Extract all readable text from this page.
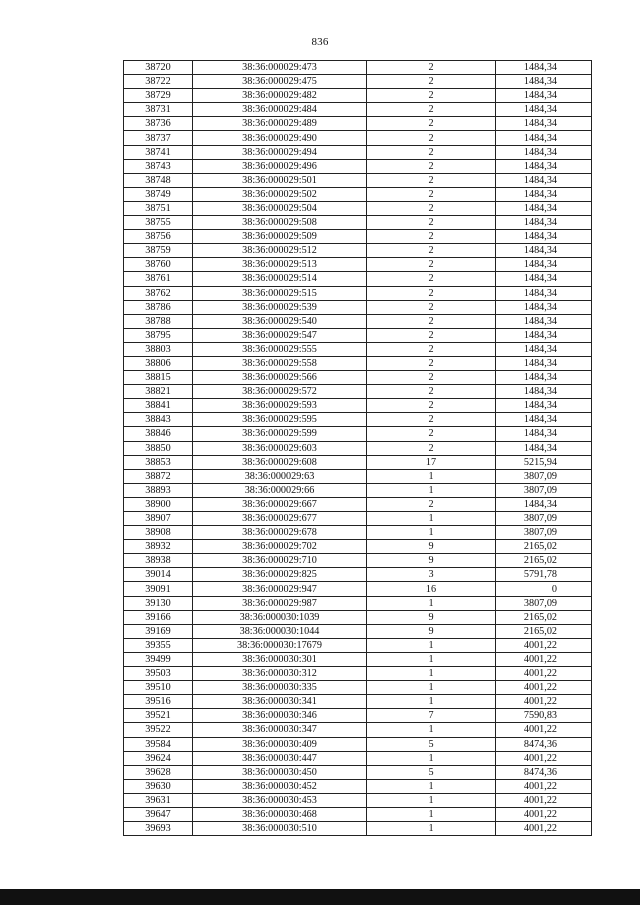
836
38720	38:36:000029:473	2	1484,34
38722	38:36:000029:475	2	1484,34
38729	38:36:000029:482	2	1484,34
38731	38:36:000029:484	2	1484,34
38736	38:36:000029:489	2	1484,34
38737	38:36:000029:490	2	1484,34
38741	38:36:000029:494	2	1484,34
38743	38:36:000029:496	2	1484,34
38748	38:36:000029:501	2	1484,34
38749	38:36:000029:502	2	1484,34
38751	38:36:000029:504	2	1484,34
38755	38:36:000029:508	2	1484,34
38756	38:36:000029:509	2	1484,34
38759	38:36:000029:512	2	1484,34
38760	38:36:000029:513	2	1484,34
38761	38:36:000029:514	2	1484,34
38762	38:36:000029:515	2	1484,34
38786	38:36:000029:539	2	1484,34
38788	38:36:000029:540	2	1484,34
38795	38:36:000029:547	2	1484,34
38803	38:36:000029:555	2	1484,34
38806	38:36:000029:558	2	1484,34
38815	38:36:000029:566	2	1484,34
38821	38:36:000029:572	2	1484,34
38841	38:36:000029:593	2	1484,34
38843	38:36:000029:595	2	1484,34
38846	38:36:000029:599	2	1484,34
38850	38:36:000029:603	2	1484,34
38853	38:36:000029:608	17	5215,94
38872	38:36:000029:63	1	3807,09
38893	38:36:000029:66	1	3807,09
38900	38:36:000029:667	2	1484,34
38907	38:36:000029:677	1	3807,09
38908	38:36:000029:678	1	3807,09
38932	38:36:000029:702	9	2165,02
38938	38:36:000029:710	9	2165,02
39014	38:36:000029:825	3	5791,78
39091	38:36:000029:947	16	0
39130	38:36:000029:987	1	3807,09
39166	38:36:000030:1039	9	2165,02
39169	38:36:000030:1044	9	2165,02
39355	38:36:000030:17679	1	4001,22
39499	38:36:000030:301	1	4001,22
39503	38:36:000030:312	1	4001,22
39510	38:36:000030:335	1	4001,22
39516	38:36:000030:341	1	4001,22
39521	38:36:000030:346	7	7590,83
39522	38:36:000030:347	1	4001,22
39584	38:36:000030:409	5	8474,36
39624	38:36:000030:447	1	4001,22
39628	38:36:000030:450	5	8474,36
39630	38:36:000030:452	1	4001,22
39631	38:36:000030:453	1	4001,22
39647	38:36:000030:468	1	4001,22
39693	38:36:000030:510	1	4001,22
